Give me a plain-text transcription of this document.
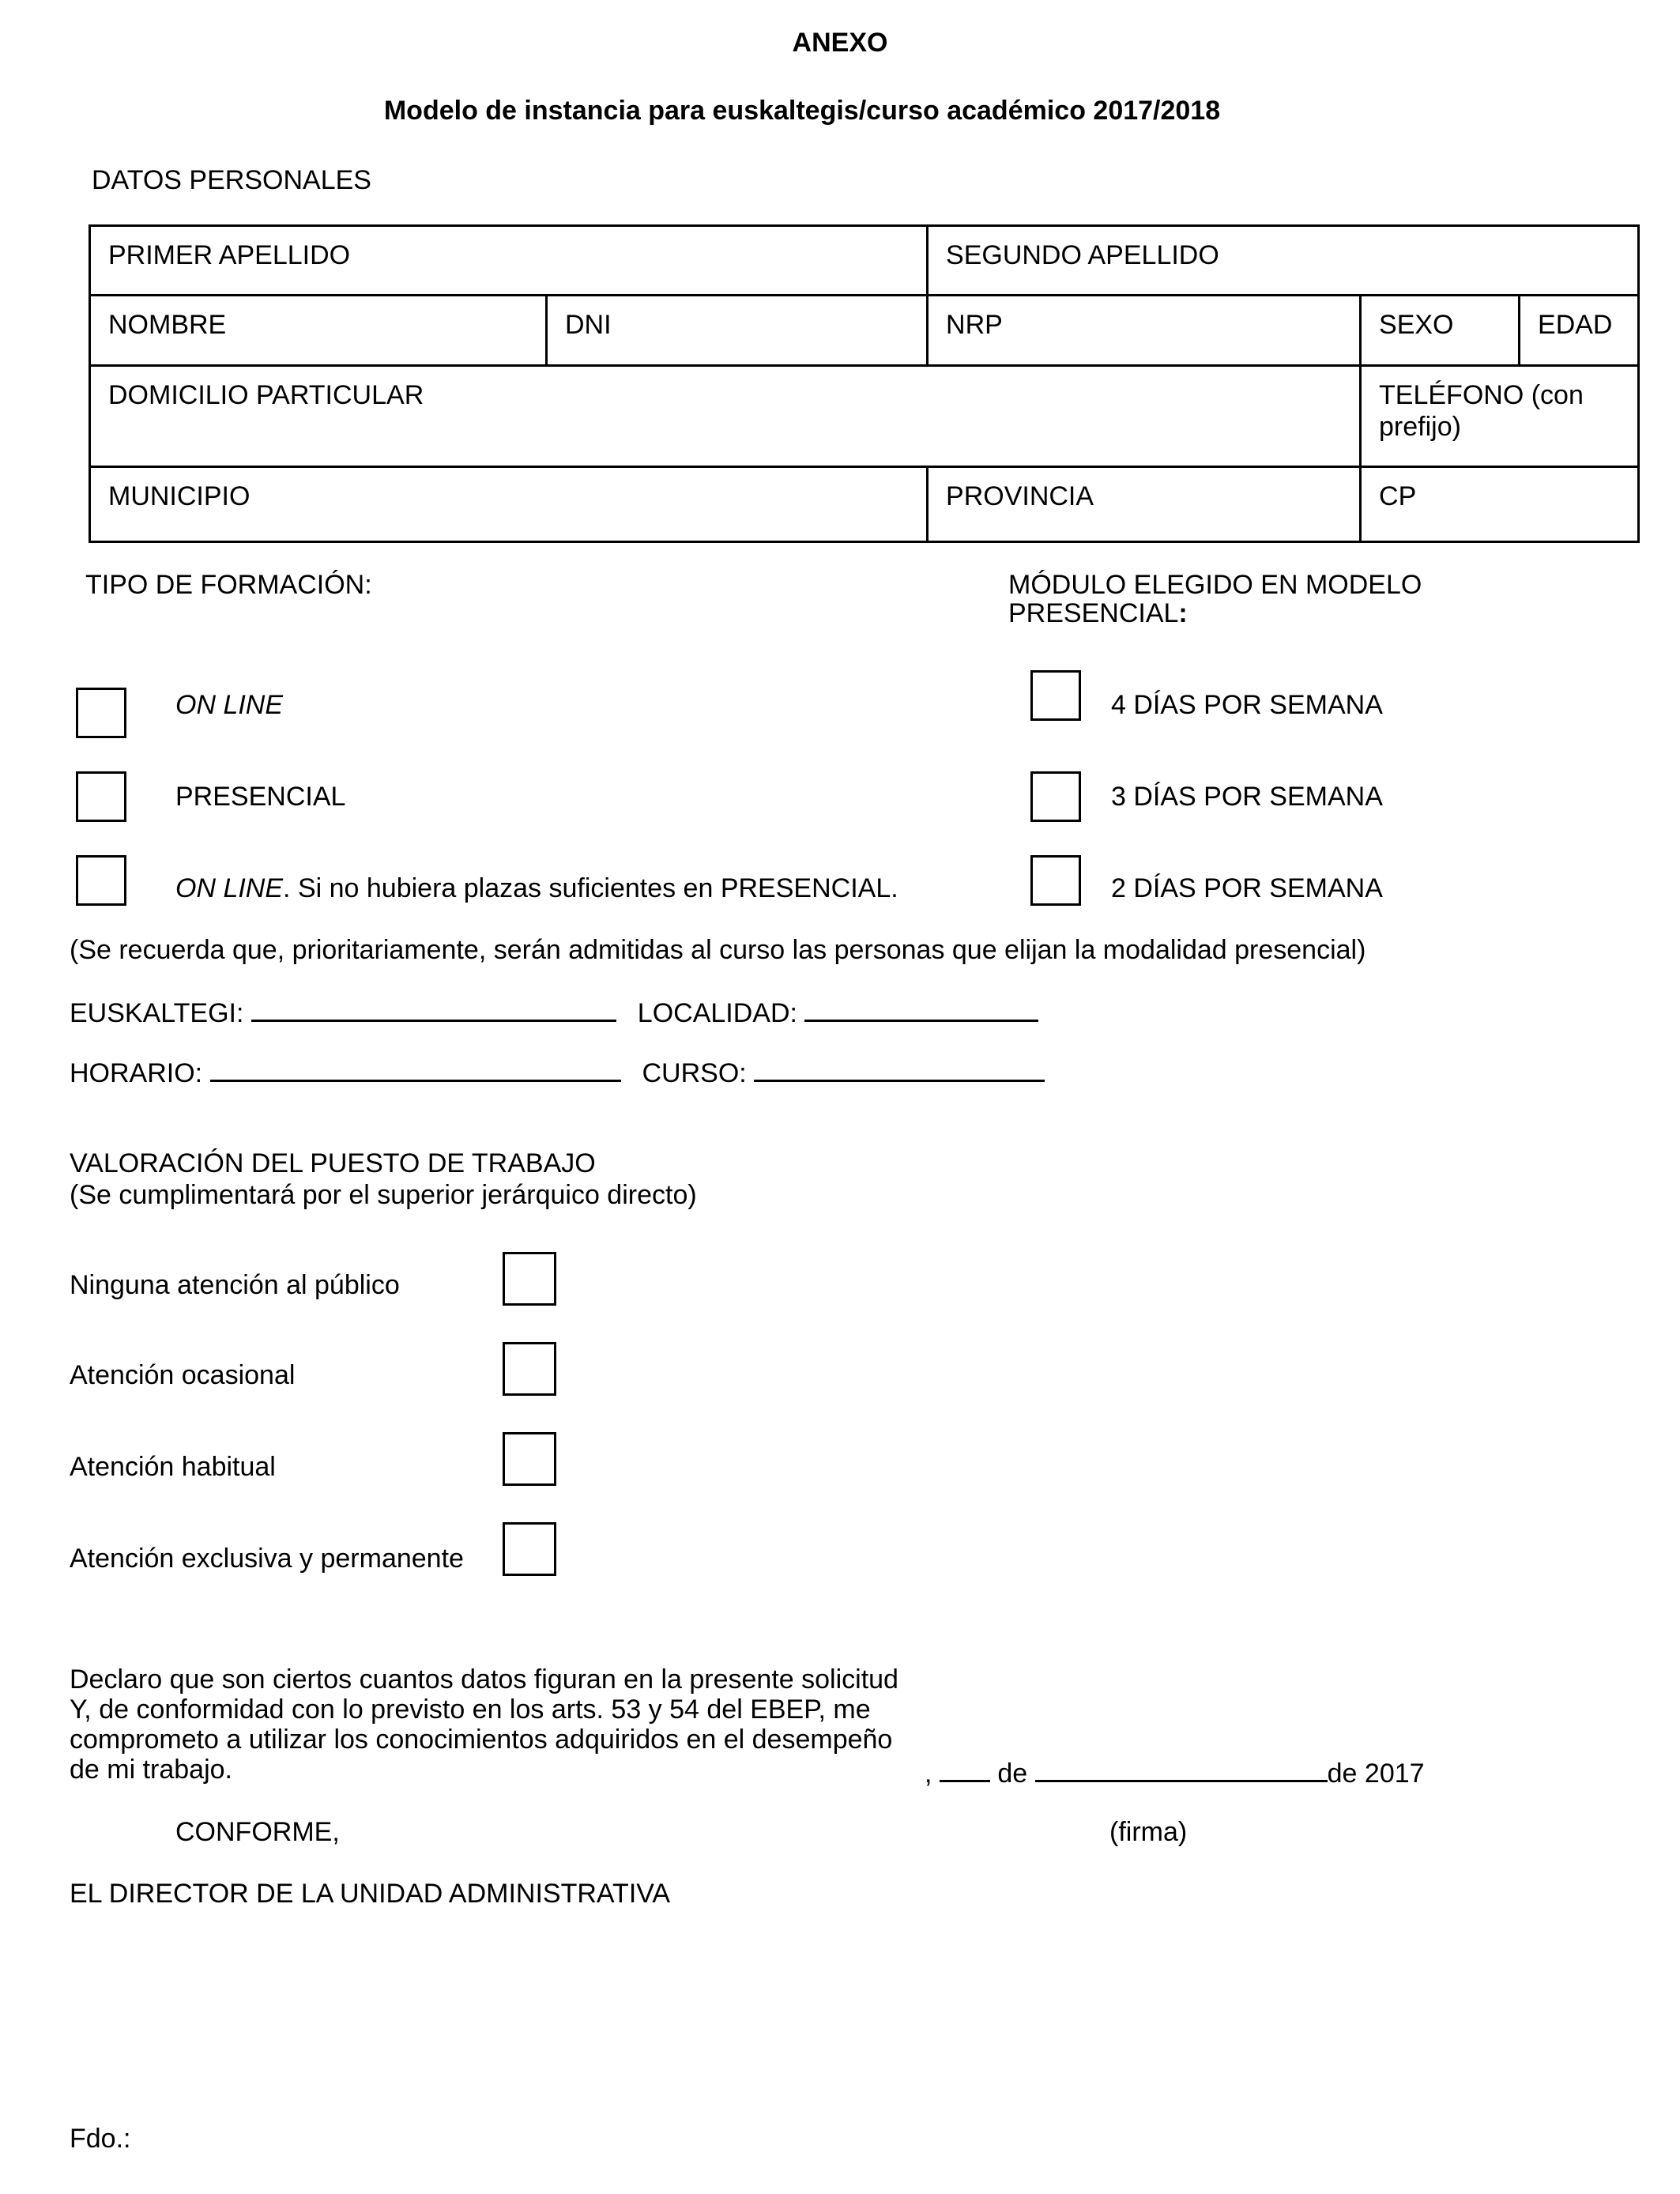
ANEXO
Modelo de instancia para euskaltegis/curso académico 2017/2018
DATOS PERSONALES
PRIMER APELLIDO		SEGUNDO APELLIDO		
NOMBRE	DNI	NRP	SEXO	EDAD
DOMICILIO PARTICULAR			TELÉFONO (con prefijo)	
MUNICIPIO		PROVINCIA	CP	
TIPO DE FORMACIÓN:
ON LINE
PRESENCIAL
ON LINE. Si no hubiera plazas suficientes en PRESENCIAL.
MÓDULO ELEGIDO EN MODELO
PRESENCIAL:
4 DÍAS POR SEMANA
3 DÍAS POR SEMANA
2 DÍAS POR SEMANA
(Se recuerda que, prioritariamente, serán admitidas al curso las personas que elijan la modalidad presencial)
EUSKALTEGI:	LOCALIDAD:
HORARIO:	CURSO:
VALORACIÓN DEL PUESTO DE TRABAJO
(Se cumplimentará por el superior jerárquico directo)
Ninguna atención al público
Atención ocasional
Atención habitual
Atención exclusiva y permanente
Declaro que son ciertos cuantos datos figuran en la presente solicitud
Y, de conformidad con lo previsto en los arts. 53 y 54 del EBEP, me
comprometo a utilizar los conocimientos adquiridos en el desempeño
de mi trabajo.	, de	de 2017
CONFORME,	(firma)
EL DIRECTOR DE LA UNIDAD ADMINISTRATIVA
Fdo.:
